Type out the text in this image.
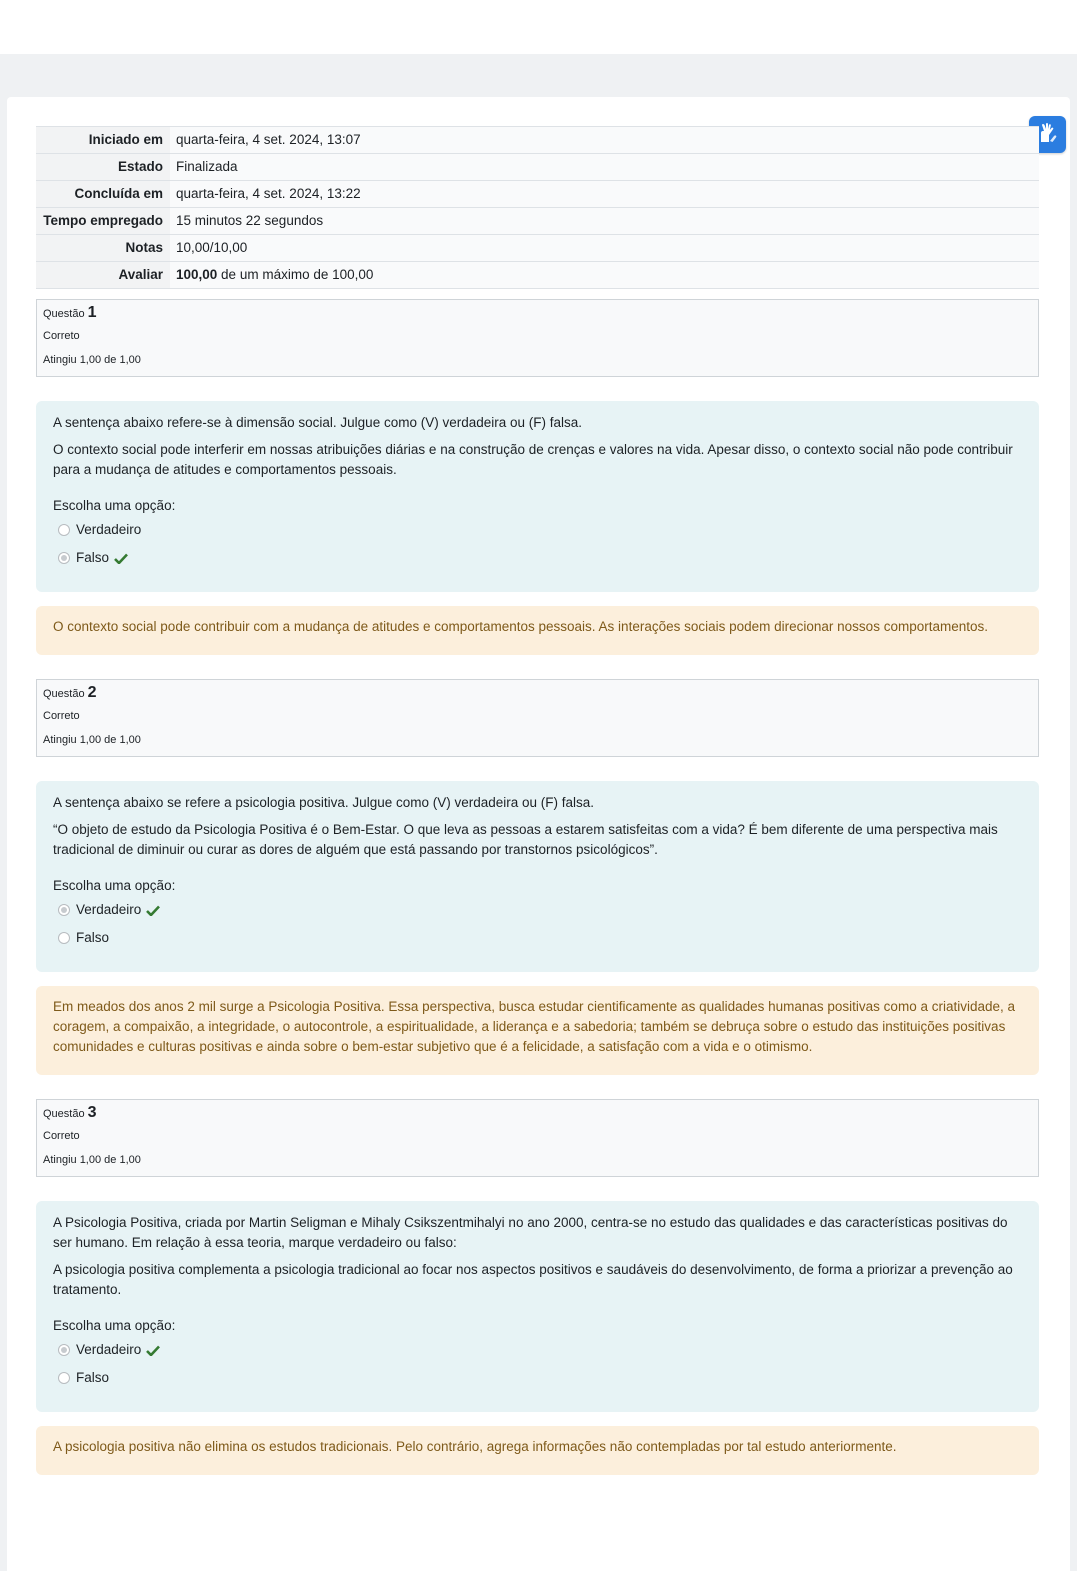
Iniciado em	quarta-feira, 4 set. 2024, 13:07
Estado	Finalizada
Concluída em	quarta-feira, 4 set. 2024, 13:22
Tempo empregado	15 minutos 22 segundos
Notas	10,00/10,00
Avaliar	100,00 de um máximo de 100,00
Questão 1
Correto
Atingiu 1,00 de 1,00

A sentença abaixo refere-se à dimensão social. Julgue como (V) verdadeira ou (F) falsa.

O contexto social pode interferir em nossas atribuições diárias e na construção de crenças e valores na vida. Apesar disso, o contexto social não pode contribuir para a mudança de atitudes e comportamentos pessoais.

Escolha uma opção:
Verdadeiro
Falso
O contexto social pode contribuir com a mudança de atitudes e comportamentos pessoais. As interações sociais podem direcionar nossos comportamentos.
Questão 2
Correto
Atingiu 1,00 de 1,00

A sentença abaixo se refere a psicologia positiva. Julgue como (V) verdadeira ou (F) falsa.

“O objeto de estudo da Psicologia Positiva é o Bem-Estar. O que leva as pessoas a estarem satisfeitas com a vida? É bem diferente de uma perspectiva mais tradicional de diminuir ou curar as dores de alguém que está passando por transtornos psicológicos”.

Escolha uma opção:
Verdadeiro
Falso
Em meados dos anos 2 mil surge a Psicologia Positiva. Essa perspectiva, busca estudar cientificamente as qualidades humanas positivas como a criatividade, a coragem, a compaixão, a integridade, o autocontrole, a espiritualidade, a liderança e a sabedoria; também se debruça sobre o estudo das instituições positivas comunidades e culturas positivas e ainda sobre o bem-estar subjetivo que é a felicidade, a satisfação com a vida e o otimismo.
Questão 3
Correto
Atingiu 1,00 de 1,00

A Psicologia Positiva, criada por Martin Seligman e Mihaly Csikszentmihalyi no ano 2000, centra-se no estudo das qualidades e das características positivas do ser humano. Em relação à essa teoria, marque verdadeiro ou falso:

A psicologia positiva complementa a psicologia tradicional ao focar nos aspectos positivos e saudáveis do desenvolvimento, de forma a priorizar a prevenção ao tratamento.

Escolha uma opção:
Verdadeiro
Falso
A psicologia positiva não elimina os estudos tradicionais. Pelo contrário, agrega informações não contempladas por tal estudo anteriormente.
